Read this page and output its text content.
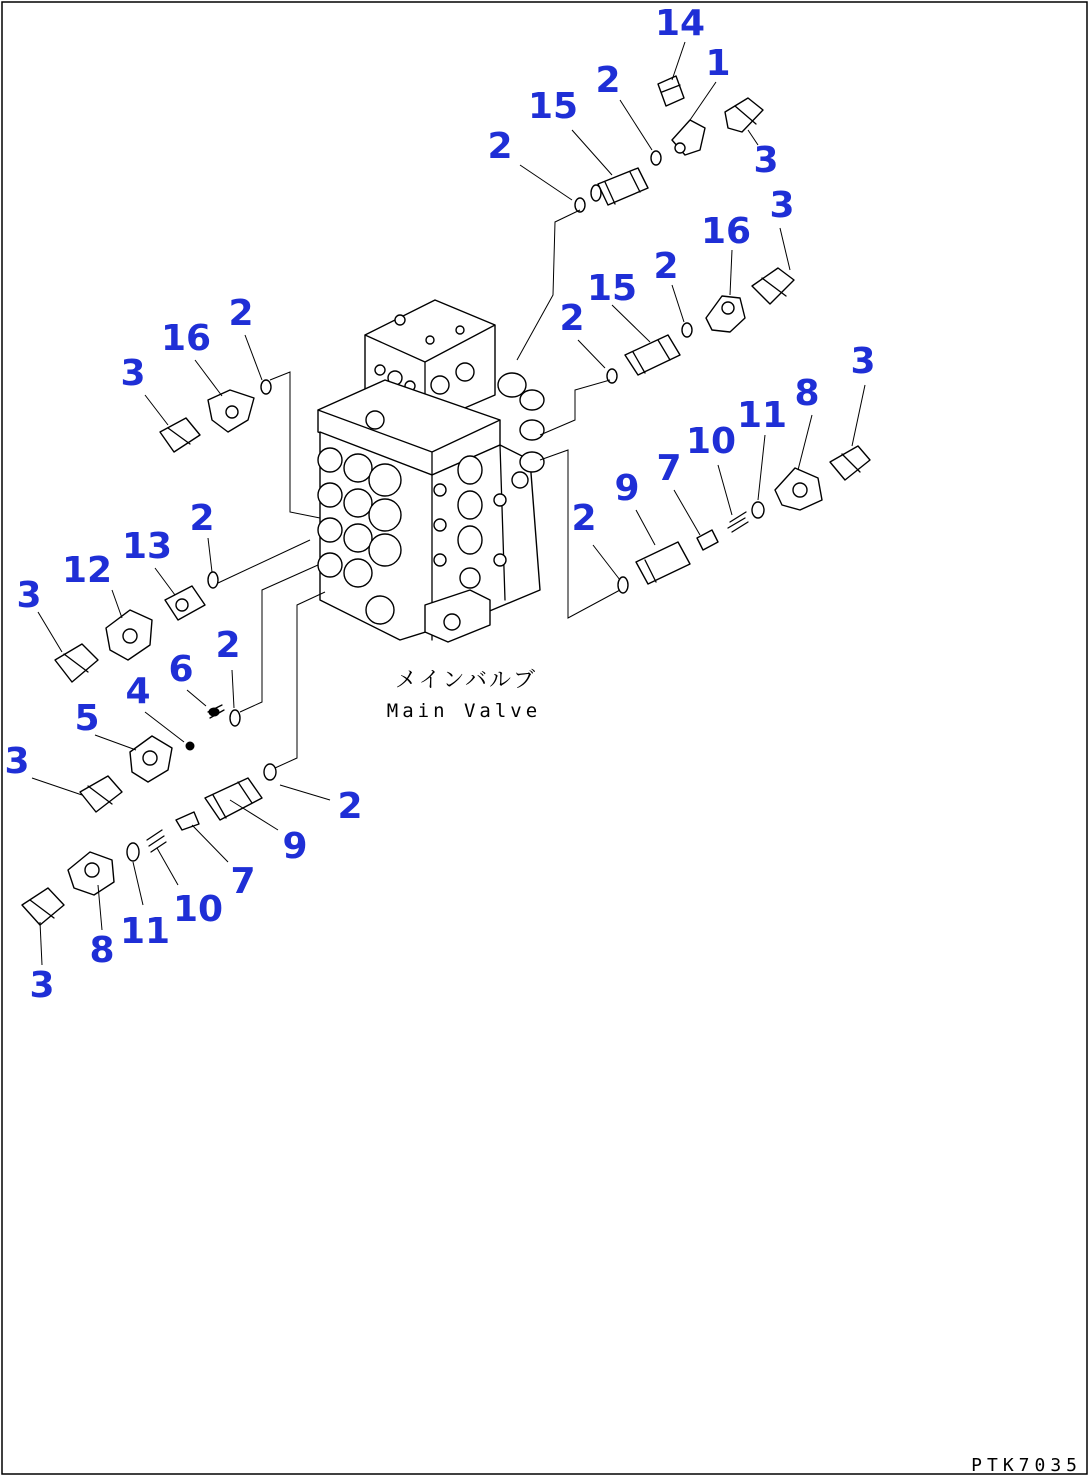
14
1
2
15
3
2
3
16
2
15
2
2
16
3	3
8
11
10
7
9
2
2
13
12
3
2
6
4
5
3
2
9
7
10
11
8
3
メインバルブ
Main Valve
PTK7035
